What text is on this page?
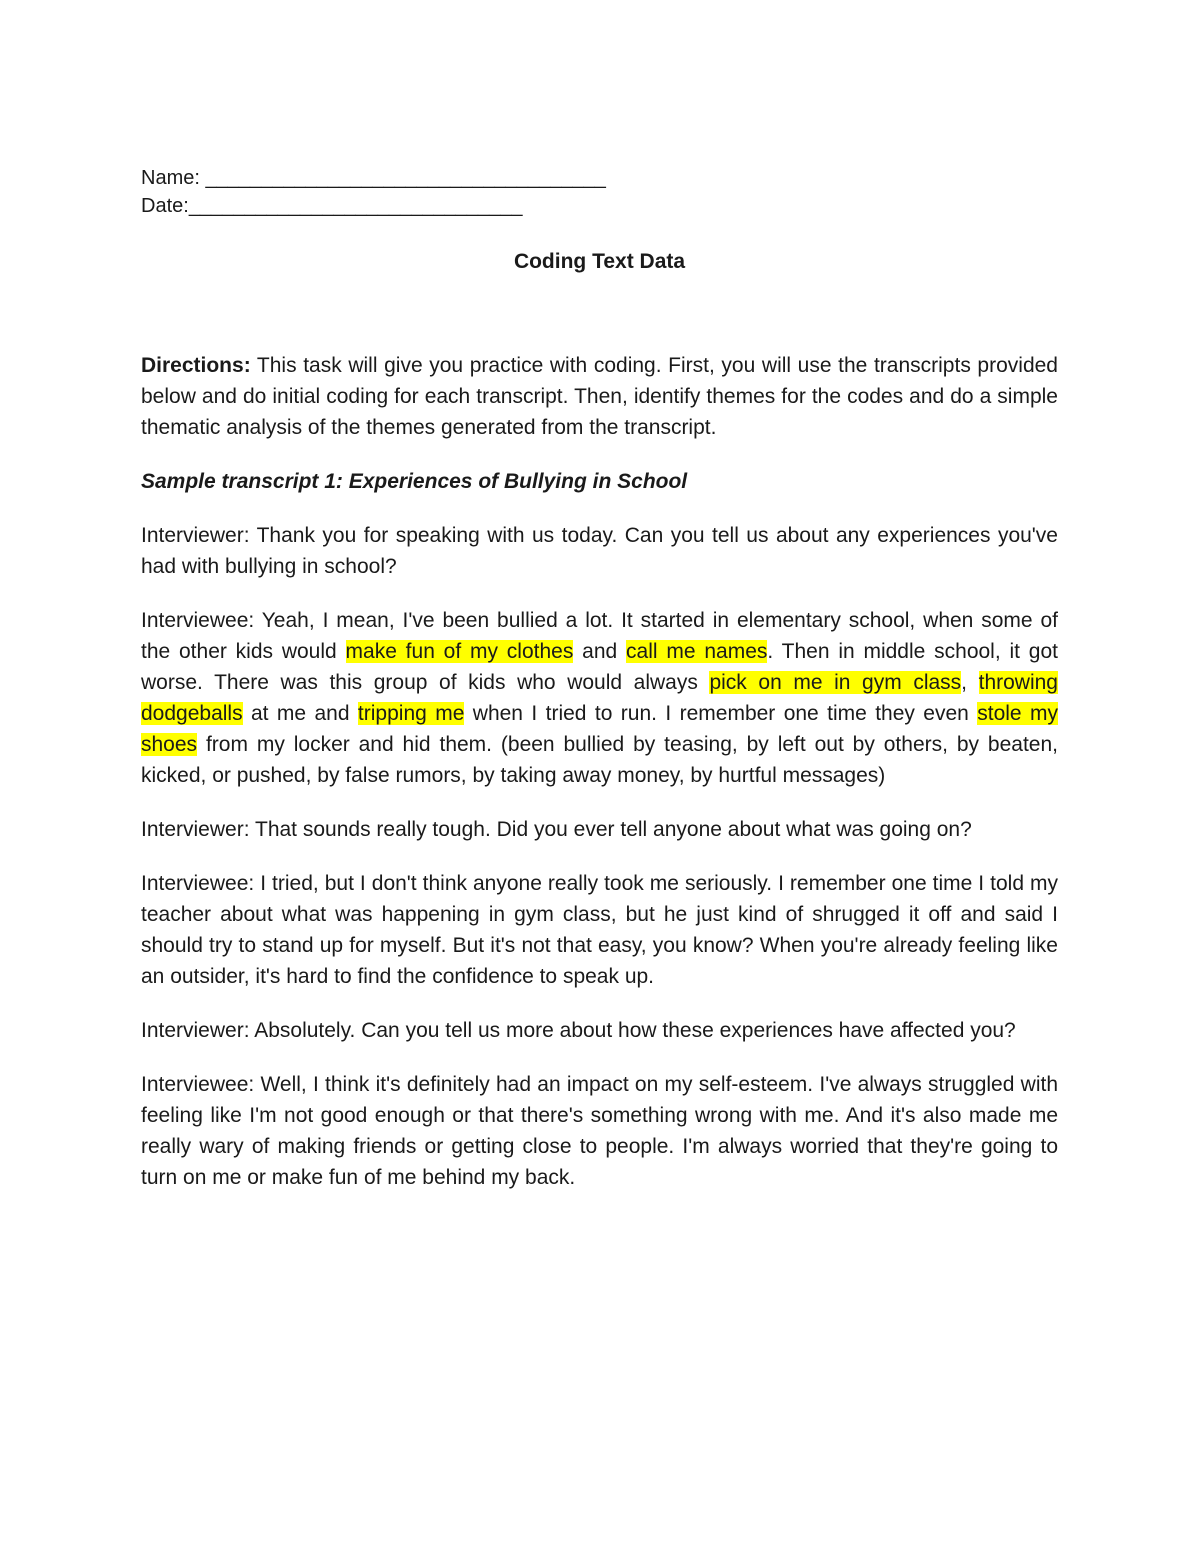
Name: ____________________________________
Date:______________________________
Coding Text Data

Directions: This task will give you practice with coding. First, you will use the transcripts provided below and do initial coding for each transcript. Then, identify themes for the codes and do a simple thematic analysis of the themes generated from the transcript.

Sample transcript 1: Experiences of Bullying in School

Interviewer: Thank you for speaking with us today. Can you tell us about any experiences you've had with bullying in school?

Interviewee: Yeah, I mean, I've been bullied a lot. It started in elementary school, when some of the other kids would make fun of my clothes and call me names. Then in middle school, it got worse. There was this group of kids who would always pick on me in gym class, throwing dodgeballs at me and tripping me when I tried to run. I remember one time they even stole my shoes from my locker and hid them. (been bullied by teasing, by left out by others, by beaten, kicked, or pushed, by false rumors, by taking away money, by hurtful messages)

Interviewer: That sounds really tough. Did you ever tell anyone about what was going on?

Interviewee: I tried, but I don't think anyone really took me seriously. I remember one time I told my teacher about what was happening in gym class, but he just kind of shrugged it off and said I should try to stand up for myself. But it's not that easy, you know? When you're already feeling like an outsider, it's hard to find the confidence to speak up.

Interviewer: Absolutely. Can you tell us more about how these experiences have affected you?

Interviewee: Well, I think it's definitely had an impact on my self-esteem. I've always struggled with feeling like I'm not good enough or that there's something wrong with me. And it's also made me really wary of making friends or getting close to people. I'm always worried that they're going to turn on me or make fun of me behind my back.
